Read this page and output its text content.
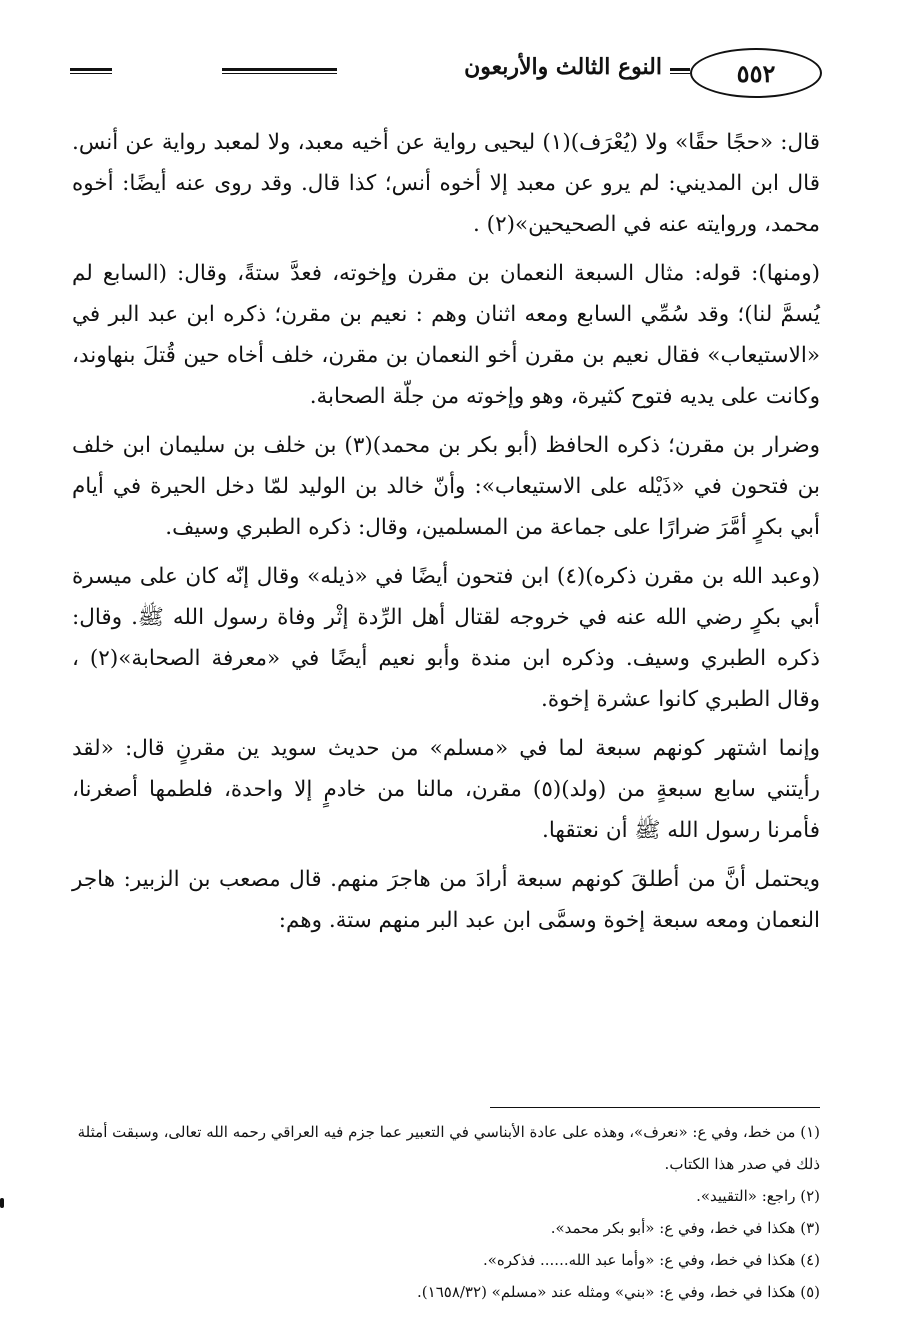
٥٥٢
النوع الثالث والأربعون

قال: «حجًا حقًا» ولا (يُعْرَف)(١) ليحيى رواية عن أخيه معبد، ولا لمعبد رواية عن أنس. قال ابن المديني: لم يرو عن معبد إلا أخوه أنس؛ كذا قال. وقد روى عنه أيضًا: أخوه محمد، وروايته عنه في الصحيحين»(٢) .

(ومنها): قوله: مثال السبعة النعمان بن مقرن وإخوته، فعدَّ ستةً، وقال: (السابع لم يُسمَّ لنا)؛ وقد سُمِّي السابع ومعه اثنان وهم : نعيم بن مقرن؛ ذكره ابن عبد البر في «الاستيعاب» فقال نعيم بن مقرن أخو النعمان بن مقرن، خلف أخاه حين قُتلَ بنهاوند، وكانت على يديه فتوح كثيرة، وهو وإخوته من جلّة الصحابة.

وضرار بن مقرن؛ ذكره الحافظ (أبو بكر بن محمد)(٣) بن خلف بن سليمان ابن خلف بن فتحون في «ذَيْله على الاستيعاب»: وأنّ خالد بن الوليد لمّا دخل الحيرة في أيام أبي بكرٍ أمَّرَ ضرارًا على جماعة من المسلمين، وقال: ذكره الطبري وسيف.

(وعبد الله بن مقرن ذكره)(٤) ابن فتحون أيضًا في «ذيله» وقال إنّه كان على ميسرة أبي بكرٍ رضي الله عنه في خروجه لقتال أهل الرِّدة إثْر وفاة رسول الله ﷺ. وقال: ذكره الطبري وسيف. وذكره ابن مندة وأبو نعيم أيضًا في «معرفة الصحابة»(٢) ، وقال الطبري كانوا عشرة إخوة.

وإنما اشتهر كونهم سبعة لما في «مسلم» من حديث سويد ين مقرنٍ قال: «لقد رأيتني سابع سبعةٍ من (ولد)(٥) مقرن، مالنا من خادمٍ إلا واحدة، فلطمها أصغرنا، فأمرنا رسول الله ﷺ أن نعتقها.

ويحتمل أنَّ من أطلقَ كونهم سبعة أرادَ من هاجرَ منهم. قال مصعب بن الزبير: هاجر النعمان ومعه سبعة إخوة وسمَّى ابن عبد البر منهم ستة. وهم:

(١) من خط، وفي ع: «نعرف»، وهذه على عادة الأبناسي في التعبير عما جزم فيه العراقي رحمه الله تعالى، وسبقت أمثلة ذلك في صدر هذا الكتاب.

(٢) راجع: «التقييد».

(٣) هكذا في خط، وفي ع: «أبو بكر محمد».

(٤) هكذا في خط، وفي ع: «وأما عبد الله...... فذكره».

(٥) هكذا في خط، وفي ع: «بني» ومثله عند «مسلم» (١٦٥٨/٣٢).
